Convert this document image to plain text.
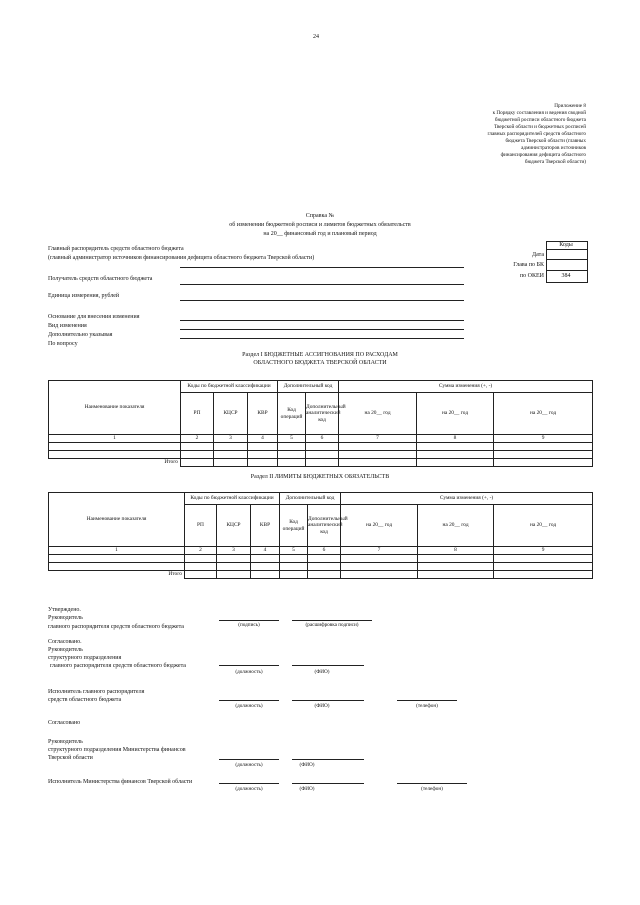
24
Приложение 8
к Порядку составления и ведения сводной
бюджетной росписи областного бюджета
Тверской области и бюджетных росписей
главных распорядителей средств областного
бюджета Тверской области (главных
администраторов источников
финансирования дефицита областного
бюджета Тверской области)
Справка №
об изменении бюджетной росписи и лимитов бюджетных обязательств
на 20__ финансовый год и плановый период
Коды
Дата
Глава по БК
по ОКЕИ	384
Главный распорядитель средств областного бюджета
(главный администратор источников финансирования дефицита областного бюджета Тверской области)
Получатель средств областного бюджета
Единица измерения, рублей
Основание для внесения изменения
Вид изменения
Дополнительно указывая
По вопросу
Раздел I БЮДЖЕТНЫЕ АССИГНОВАНИЯ ПО РАСХОДАМ
ОБЛАСТНОГО БЮДЖЕТА ТВЕРСКОЙ ОБЛАСТИ
Наименование показателя	Коды по бюджетной классификации			Дополнительный код		Сумма изменения (+, -)		
	РП	КЦСР	КВР	Код операций	Дополнительный аналитический код	на 20__ год	на 20__ год	на 20__ год
1	2	3	4	5	6	7	8	9

Итого								
Раздел II ЛИМИТЫ БЮДЖЕТНЫХ ОБЯЗАТЕЛЬСТВ
Наименование показателя	Коды по бюджетной классификации			Дополнительный код		Сумма изменения (+, -)		
	РП	КЦСР	КВР	Код операций	Дополнительный аналитический код	на 20__ год	на 20__ год	на 20__ год
1	2	3	4	5	6	7	8	9

Итого								
Утверждено.
Руководитель
главного распорядителя средств областного бюджета	(подпись)	(расшифровка подписи)
Согласовано.
Руководитель
структурного подразделения
главного распорядителя средств областного бюджета
(должность)	(ФИО)
Исполнитель главного распорядителя
средств областного бюджета
(должность)	(ФИО)	(телефон)
Согласовано
Руководитель
структурного подразделения Министерства финансов
Тверской области
(должность)	(ФИО)
Исполнитель Министерства финансов Тверской области
(должность)	(ФИО)	(телефон)
